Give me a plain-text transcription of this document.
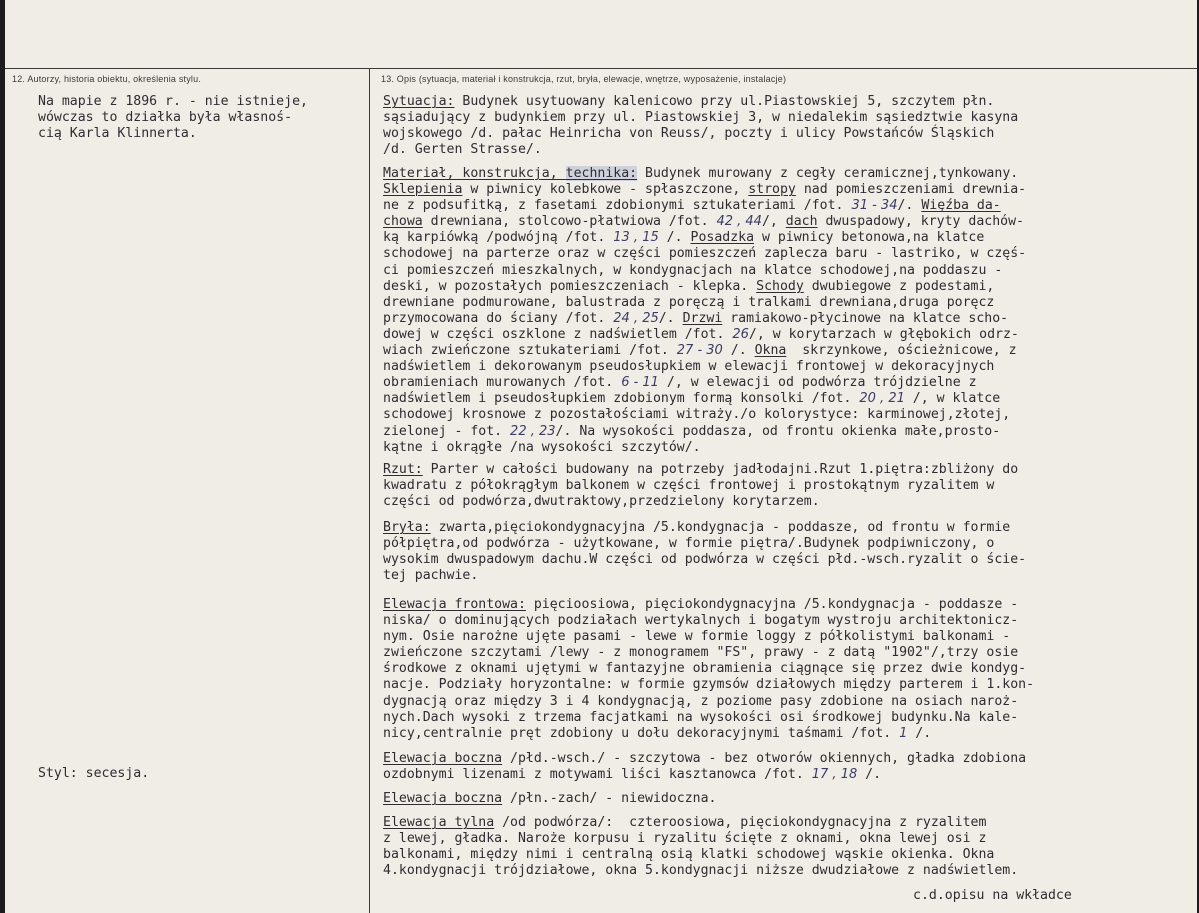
12. Autorzy, historia obiektu, określenia stylu.	13. Opis (sytuacja, materiał i konstrukcja, rzut, bryła, elewacje, wnętrze, wyposażenie, instalacje)
Na mapie z 1896 r. - nie istnieje,
wówczas to działka była własnoś-
cią Karla Klinnerta.
Styl: secesja.
Sytuacja: Budynek usytuowany kalenicowo przy ul.Piastowskiej 5, szczytem płn.
sąsiadujący z budynkiem przy ul. Piastowskiej 3, w niedalekim sąsiedztwie kasyna
wojskowego /d. pałac Heinricha von Reuss/, poczty i ulicy Powstańców Śląskich
/d. Gerten Strasse/.
Materiał, konstrukcja, technika: Budynek murowany z cegły ceramicznej,tynkowany.
Sklepienia w piwnicy kolebkowe - spłaszczone, stropy nad pomieszczeniami drewnia-
ne z podsufitką, z fasetami zdobionymi sztukateriami /fot. 31 - 34/. Więźba da-
chowa drewniana, stolcowo-płatwiowa /fot. 42 , 44/, dach dwuspadowy, kryty dachów-
ką karpiówką /podwójną /fot. 13 , 15 /. Posadzka w piwnicy betonowa,na klatce
schodowej na parterze oraz w części pomieszczeń zaplecza baru - lastriko, w częś-
ci pomieszczeń mieszkalnych, w kondygnacjach na klatce schodowej,na poddaszu -
deski, w pozostałych pomieszczeniach - klepka. Schody dwubiegowe z podestami,
drewniane podmurowane, balustrada z poręczą i tralkami drewniana,druga poręcz
przymocowana do ściany /fot. 24 , 25/. Drzwi ramiakowo-płycinowe na klatce scho-
dowej w części oszklone z nadświetlem /fot. 26/, w korytarzach w głębokich odrz-
wiach zwieńczone sztukateriami /fot. 27 - 30 /. Okna  skrzynkowe, ościeżnicowe, z
nadświetlem i dekorowanym pseudosłupkiem w elewacji frontowej w dekoracyjnych
obramieniach murowanych /fot. 6 - 11 /, w elewacji od podwórza trójdzielne z
nadświetlem i pseudosłupkiem zdobionym formą konsolki /fot. 20 , 21 /, w klatce
schodowej krosnowe z pozostałościami witraży./o kolorystyce: karminowej,złotej,
zielonej - fot. 22 , 23/. Na wysokości poddasza, od frontu okienka małe,prosto-
kątne i okrągłe /na wysokości szczytów/.
Rzut: Parter w całości budowany na potrzeby jadłodajni.Rzut 1.piętra:zbliżony do
kwadratu z półokrągłym balkonem w części frontowej i prostokątnym ryzalitem w
części od podwórza,dwutraktowy,przedzielony korytarzem.
Bryła: zwarta,pięciokondygnacyjna /5.kondygnacja - poddasze, od frontu w formie
półpiętra,od podwórza - użytkowane, w formie piętra/.Budynek podpiwniczony, o
wysokim dwuspadowym dachu.W części od podwórza w części płd.-wsch.ryzalit o ście-
tej pachwie.
Elewacja frontowa: pięcioosiowa, pięciokondygnacyjna /5.kondygnacja - poddasze -
niska/ o dominujących podziałach wertykalnych i bogatym wystroju architektonicz-
nym. Osie narożne ujęte pasami - lewe w formie loggy z półkolistymi balkonami -
zwieńczone szczytami /lewy - z monogramem "FS", prawy - z datą "1902"/,trzy osie
środkowe z oknami ujętymi w fantazyjne obramienia ciągnące się przez dwie kondyg-
nacje. Podziały horyzontalne: w formie gzymsów działowych między parterem i 1.kon-
dygnacją oraz między 3 i 4 kondygnacją, z poziome pasy zdobione na osiach naroż-
nych.Dach wysoki z trzema facjatkami na wysokości osi środkowej budynku.Na kale-
nicy,centralnie pręt zdobiony u dołu dekoracyjnymi taśmami /fot. 1 /.
Elewacja boczna /płd.-wsch./ - szczytowa - bez otworów okiennych, gładka zdobiona
ozdobnymi lizenami z motywami liści kasztanowca /fot. 17 , 18 /.
Elewacja boczna /płn.-zach/ - niewidoczna.
Elewacja tylna /od podwórza/:  czteroosiowa, pięciokondygnacyjna z ryzalitem
z lewej, gładka. Naroże korpusu i ryzalitu ścięte z oknami, okna lewej osi z
balkonami, między nimi i centralną osią klatki schodowej wąskie okienka. Okna
4.kondygnacji trójdziałowe, okna 5.kondygnacji niższe dwudziałowe z nadświetlem.
c.d.opisu na wkładce
